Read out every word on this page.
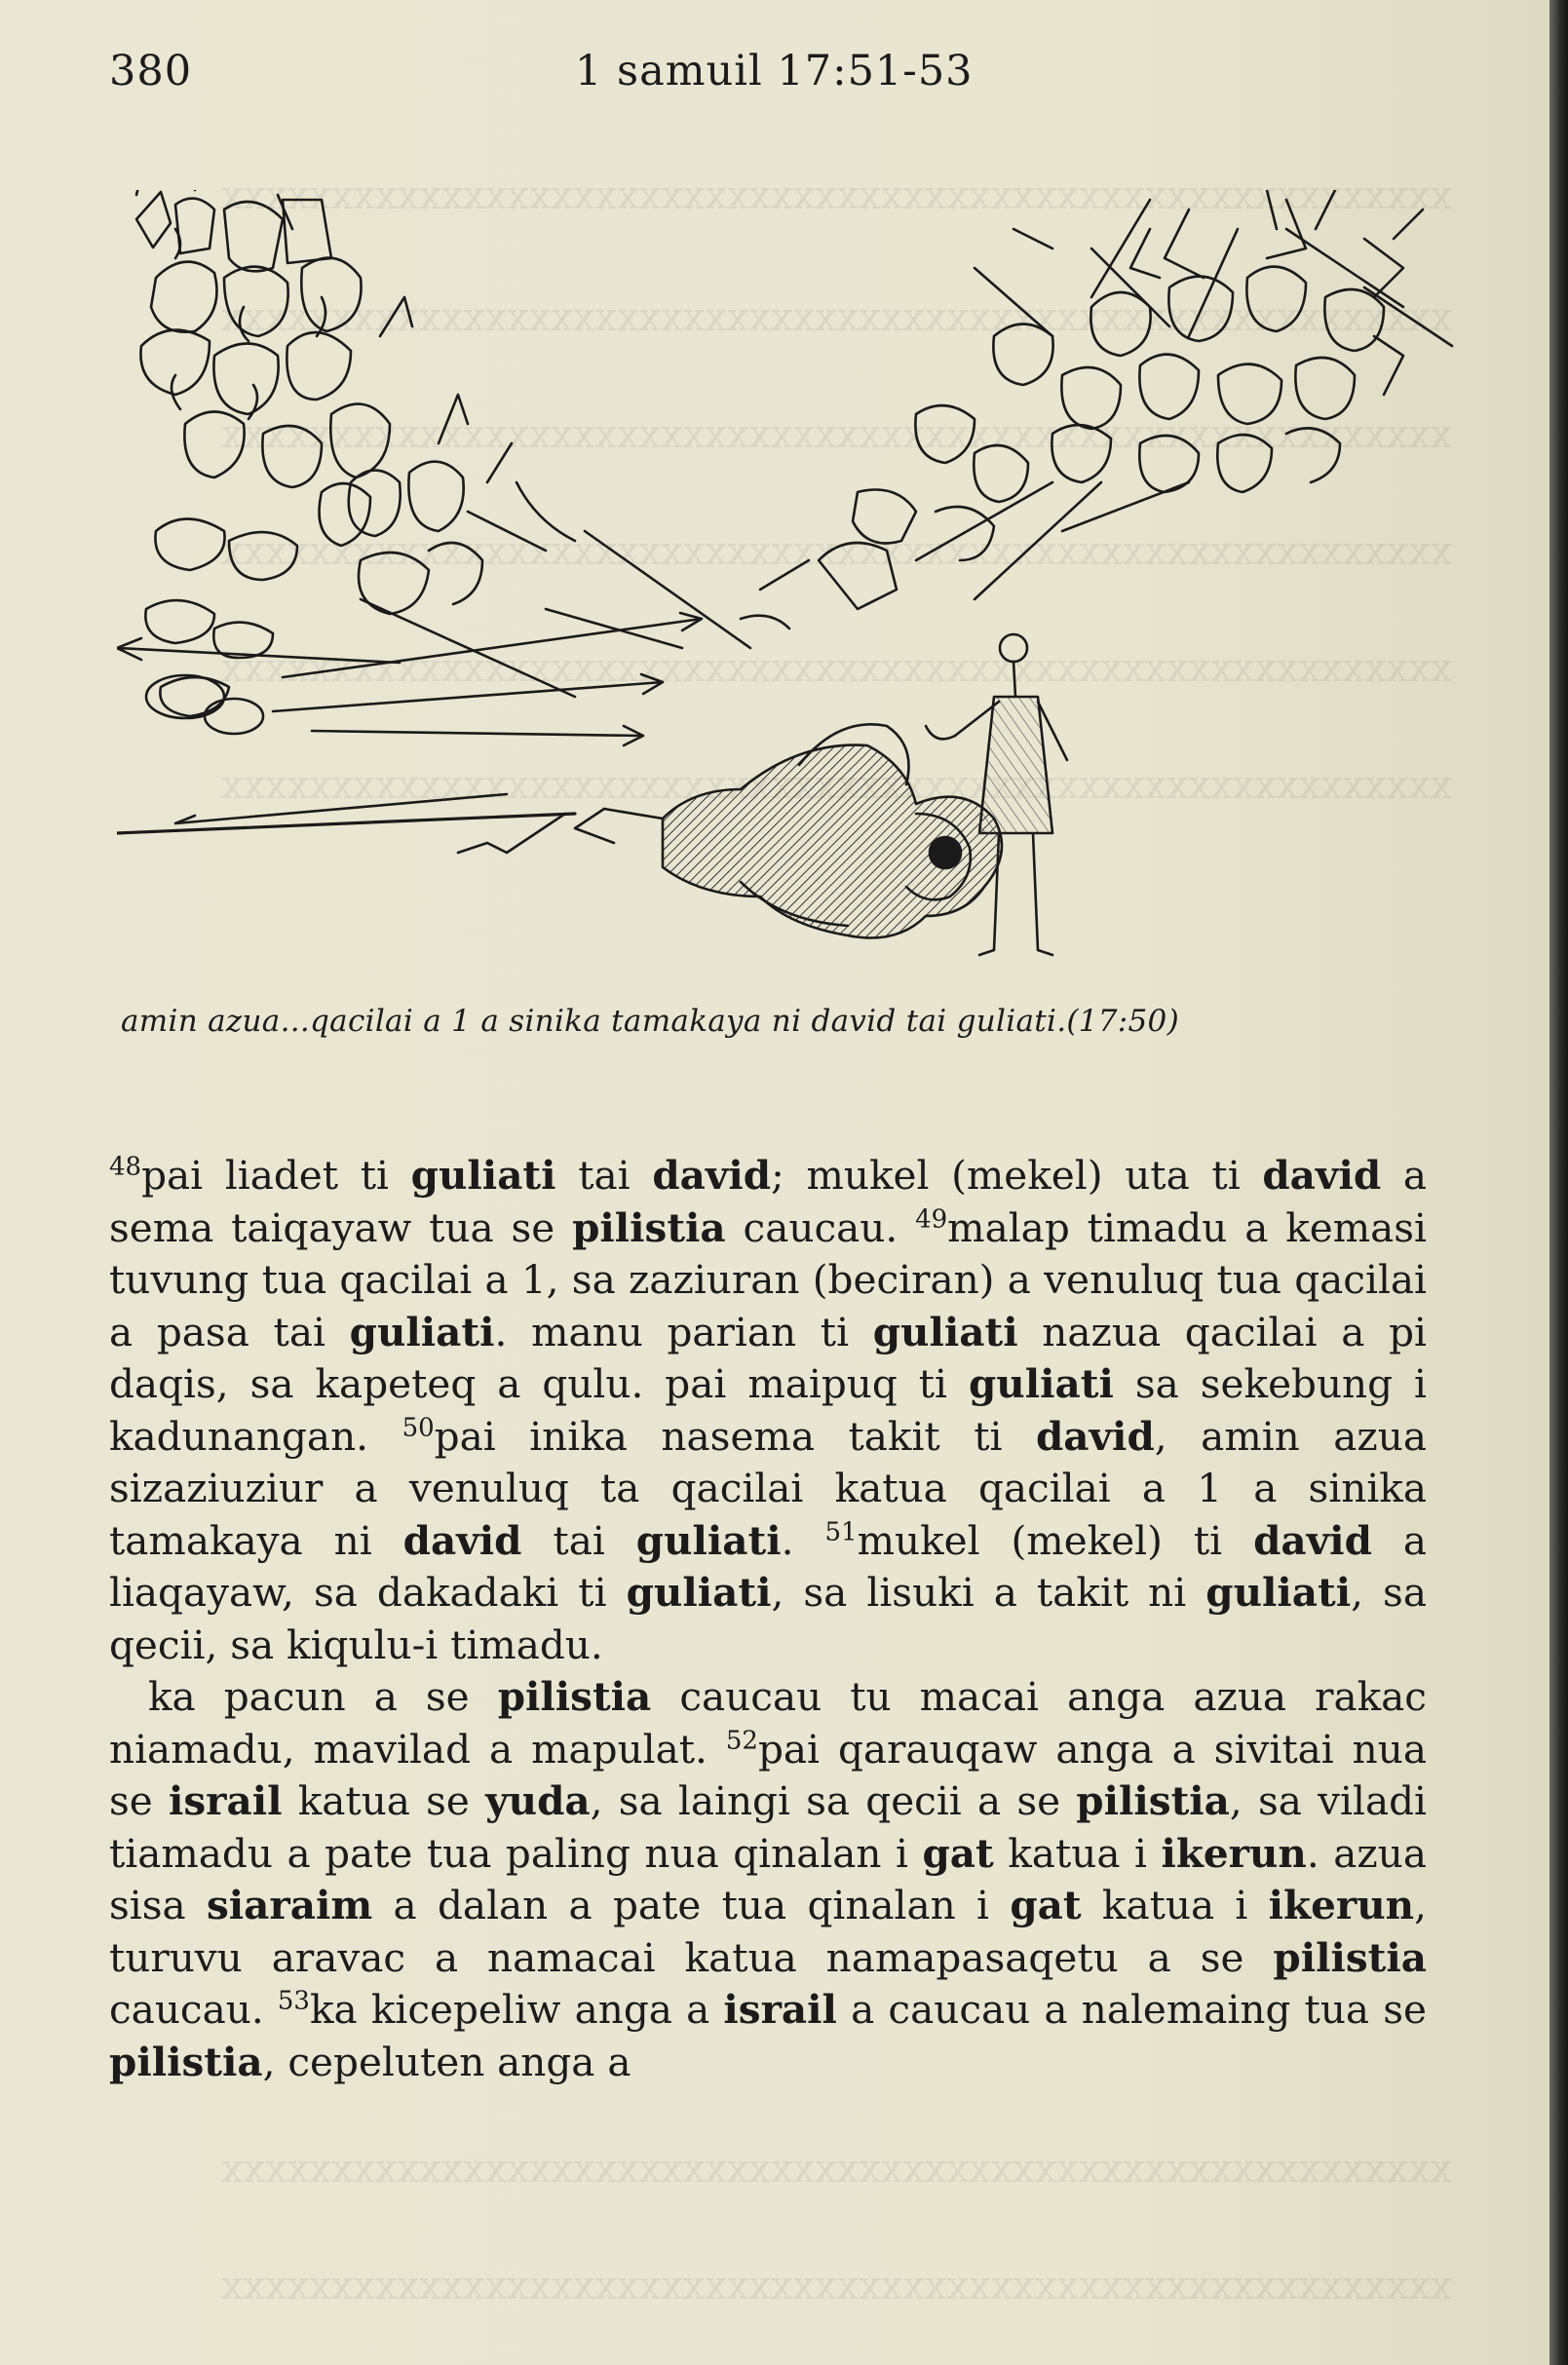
xxxxxxxxxxxxxxxxxxxxxxxxxxxxxxxxxxxxxxxxxxxxxxxxxxxxxxxx
xxxxxxxxxxxxxxxxxxxxxxxxxxxxxxxxxxxxxxxxxxxxxxxxxxxxxxxx
xxxxxxxxxxxxxxxxxxxxxxxxxxxxxxxxxxxxxxxxxxxxxxxxxxxxxxxx
xxxxxxxxxxxxxxxxxxxxxxxxxxxxxxxxxxxxxxxxxxxxxxxxxxxxxxxx
xxxxxxxxxxxxxxxxxxxxxxxxxxxxxxxxxxxxxxxxxxxxxxxxxxxxxxxx
xxxxxxxxxxxxxxxxxxxxxxxxxxxxxxxxxxxxxxxxxxxxxxxxxxxxxxxx
xxxxxxxxxxxxxxxxxxxxxxxxxxxxxxxxxxxxxxxxxxxxxxxxxxxxxxxx
380	1 samuil 17:51-53
amin azua...qacilai a 1 a sinika tamakaya ni david tai guliati.(17:50)

$^{48}$pai liadet ti guliati tai david; mukel (mekel) uta ti david a sema taiqayaw tua se pilistia caucau. $^{49}$malap timadu a kemasi tuvung tua qacilai a 1, sa zaziuran (beciran) a venuluq tua qacilai a pasa tai guliati. manu parian ti guliati nazua qacilai a pi daqis, sa kapeteq a qulu. pai maipuq ti guliati sa sekebung i kadunangan. $^{50}$pai inika nasema takit ti david, amin azua sizaziuziur a venuluq ta qacilai katua qacilai a 1 a sinika tamakaya ni david tai guliati. $^{51}$mukel (mekel) ti david a liaqayaw, sa dakadaki ti guliati, sa lisuki a takit ni guliati, sa qecii, sa kiqulu-i timadu.

ka pacun a se pilistia caucau tu macai anga azua rakac niamadu, mavilad a mapulat. $^{52}$pai qarauqaw anga a sivitai nua se israil katua se yuda, sa laingi sa qecii a se pilistia, sa viladi tiamadu a pate tua paling nua qinalan i gat katua i ikerun. azua sisa siaraim a dalan a pate tua qinalan i gat katua i ikerun, turuvu aravac a namacai katua namapasaqetu a se pilistia caucau. $^{53}$ka kicepeliw anga a israil a caucau a nalemaing tua se pilistia, cepeluten anga a
